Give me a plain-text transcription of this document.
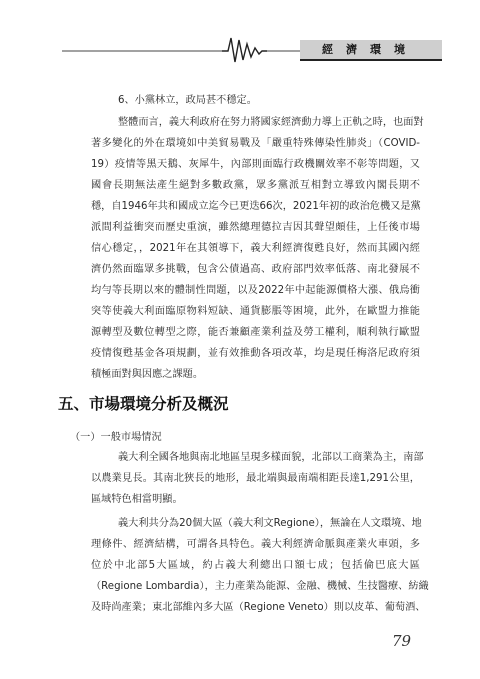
經濟環境
6、小黨林立，政局甚不穩定。
整體而言，義大利政府在努力將國家經濟動力導上正軌之時，也面對
著多變化的外在環境如中美貿易戰及「嚴重特殊傳染性肺炎」（COVID-
19）疫情等黑天鵝、灰犀牛，內部則面臨行政機關效率不彰等問題，又
國會長期無法產生絕對多數政黨，眾多黨派互相對立導致內閣長期不
穩，自1946年共和國成立迄今已更迭66次，2021年初的政治危機又是黨
派間利益衝突而歷史重演，雖然總理德拉吉因其聲望頗佳，上任後市場
信心穩定，，2021年在其領導下，義大利經濟復甦良好，然而其國內經
濟仍然面臨眾多挑戰，包含公債過高、政府部門效率低落、南北發展不
均勻等長期以來的體制性問題，以及2022年中起能源價格大漲、俄烏衝
突等使義大利面臨原物料短缺、通貨膨脹等困境，此外，在歐盟力推能
源轉型及數位轉型之際，能否兼顧產業利益及勞工權利，順利執行歐盟
疫情復甦基金各項規劃，並有效推動各項改革，均是現任梅洛尼政府須
積極面對與因應之課題。
五、市場環境分析及概況
（一）一般市場情況
義大利全國各地與南北地區呈現多樣面貌，北部以工商業為主，南部
以農業見長。其南北狹長的地形，最北端與最南端相距長達1,291公里，
區域特色相當明顯。
義大利共分為20個大區（義大利文Regione），無論在人文環境、地
理條件、經濟結構，可謂各具特色。義大利經濟命脈與產業火車頭，多
位於中北部5大區域，約占義大利總出口額七成；包括倫巴底大區
（Regione Lombardia），主力產業為能源、金融、機械、生技醫療、紡織
及時尚產業；東北部維內多大區（Regione Veneto）則以皮革、葡萄酒、
79
